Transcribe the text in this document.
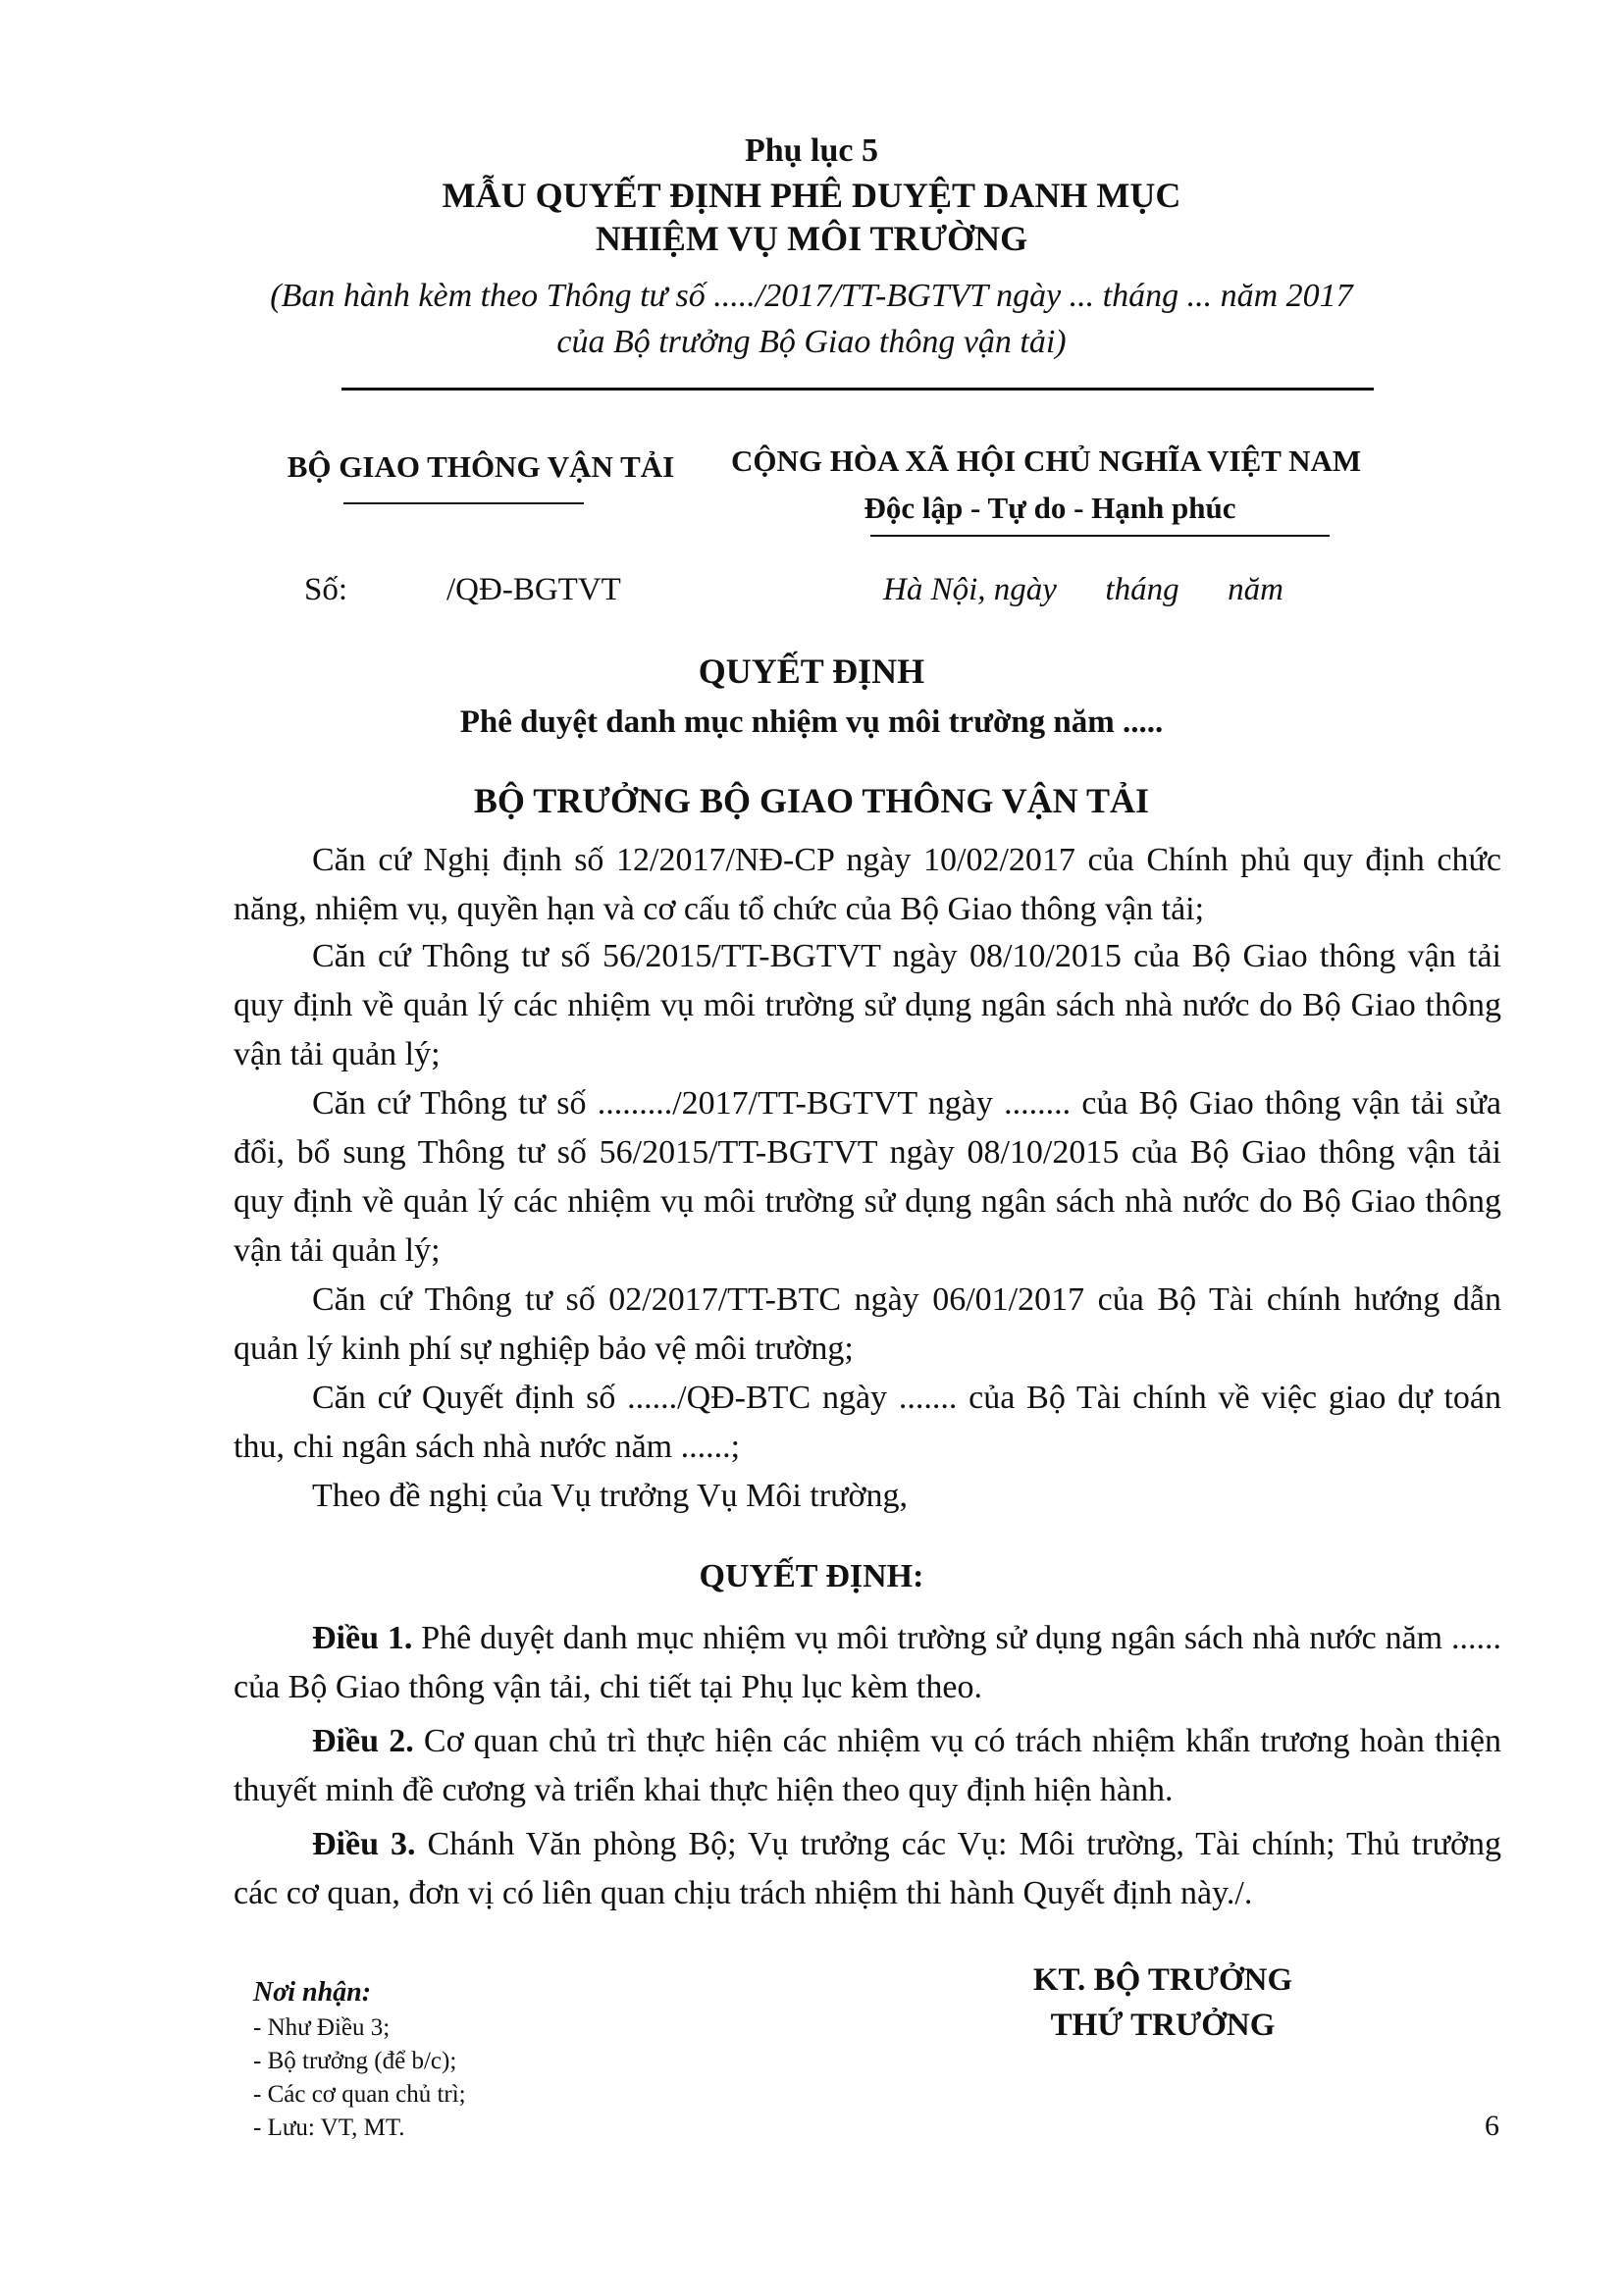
Phụ lục 5
MẪU QUYẾT ĐỊNH PHÊ DUYỆT DANH MỤC
NHIỆM VỤ MÔI TRƯỜNG
(Ban hành kèm theo Thông tư số ...../2017/TT-BGTVT ngày ... tháng ... năm 2017
của Bộ trưởng Bộ Giao thông vận tải)
BỘ GIAO THÔNG VẬN TẢI	CỘNG HÒA XÃ HỘI CHỦ NGHĨA VIỆT NAM
Độc lập - Tự do - Hạnh phúc
Số:	/QĐ-BGTVT	Hà Nội, ngày      tháng      năm
QUYẾT ĐỊNH
Phê duyệt danh mục nhiệm vụ môi trường năm .....
BỘ TRƯỞNG BỘ GIAO THÔNG VẬN TẢI
Căn cứ Nghị định số 12/2017/NĐ-CP ngày 10/02/2017 của Chính phủ quy định chức năng, nhiệm vụ, quyền hạn và cơ cấu tổ chức của Bộ Giao thông vận tải;
Căn cứ Thông tư số 56/2015/TT-BGTVT ngày 08/10/2015 của Bộ Giao thông vận tải quy định về quản lý các nhiệm vụ môi trường sử dụng ngân sách nhà nước do Bộ Giao thông vận tải quản lý;
Căn cứ Thông tư số ........./2017/TT-BGTVT ngày ........ của Bộ Giao thông vận tải sửa đổi, bổ sung Thông tư số 56/2015/TT-BGTVT ngày 08/10/2015 của Bộ Giao thông vận tải quy định về quản lý các nhiệm vụ môi trường sử dụng ngân sách nhà nước do Bộ Giao thông vận tải quản lý;
Căn cứ Thông tư số 02/2017/TT-BTC ngày 06/01/2017 của Bộ Tài chính hướng dẫn quản lý kinh phí sự nghiệp bảo vệ môi trường;
Căn cứ Quyết định số ....../QĐ-BTC ngày ....... của Bộ Tài chính về việc giao dự toán thu, chi ngân sách nhà nước năm ......;
Theo đề nghị của Vụ trưởng Vụ Môi trường,
QUYẾT ĐỊNH:
Điều 1. Phê duyệt danh mục nhiệm vụ môi trường sử dụng ngân sách nhà nước năm ...... của Bộ Giao thông vận tải, chi tiết tại Phụ lục kèm theo.
Điều 2. Cơ quan chủ trì thực hiện các nhiệm vụ có trách nhiệm khẩn trương hoàn thiện thuyết minh đề cương và triển khai thực hiện theo quy định hiện hành.
Điều 3. Chánh Văn phòng Bộ; Vụ trưởng các Vụ: Môi trường, Tài chính; Thủ trưởng các cơ quan, đơn vị có liên quan chịu trách nhiệm thi hành Quyết định này./.
Nơi nhận:
- Như Điều 3;
- Bộ trưởng (để b/c);
- Các cơ quan chủ trì;
- Lưu: VT, MT.
KT. BỘ TRƯỞNG
THỨ TRƯỞNG
6
